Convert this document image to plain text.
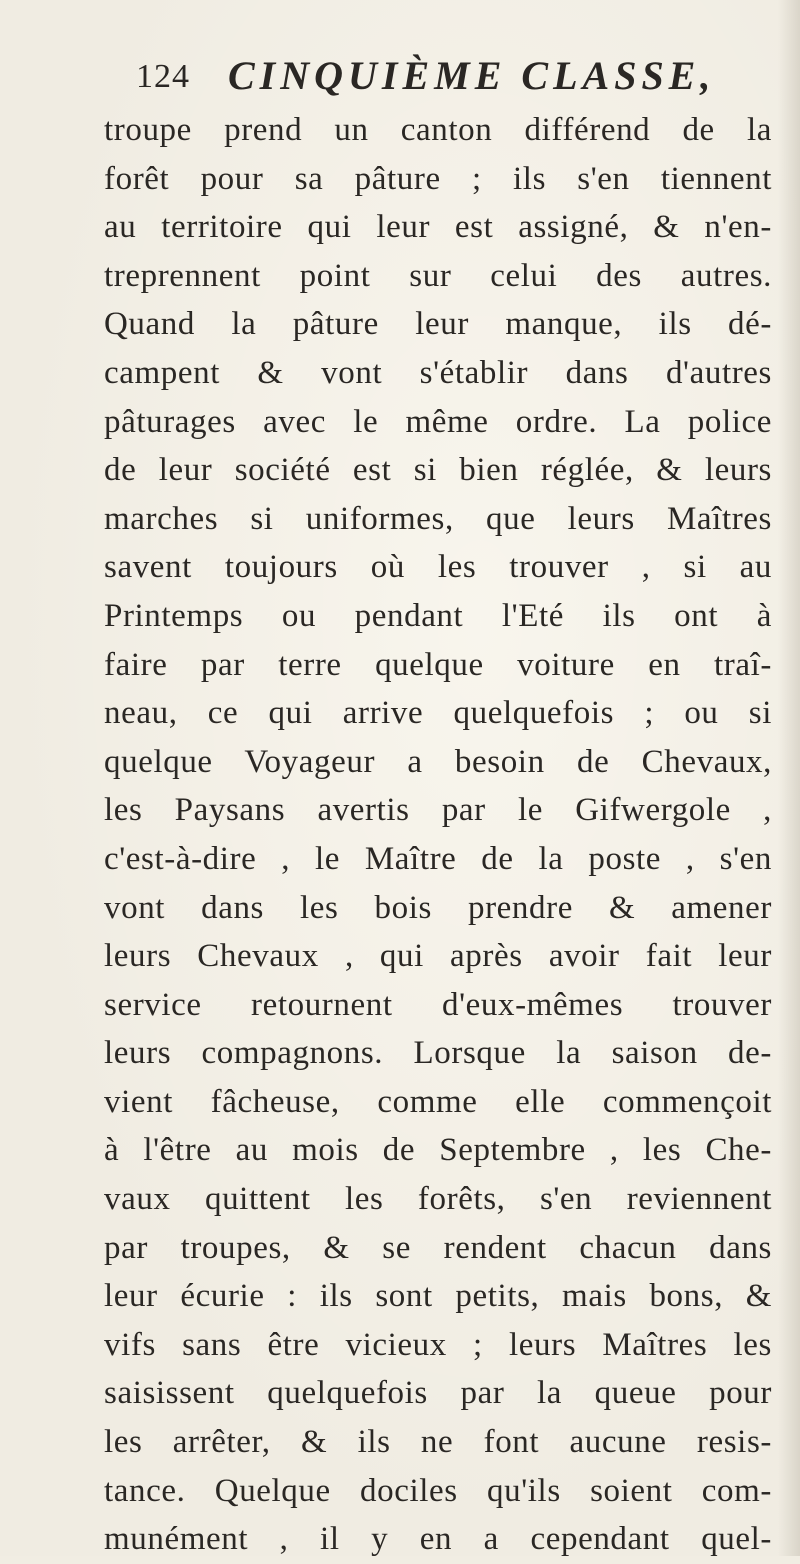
124 CINQUIÈME CLASSE,
troupe prend un canton différend de la
forêt pour sa pâture ; ils s'en tiennent
au territoire qui leur est assigné, & n'en-
treprennent point sur celui des autres.
Quand la pâture leur manque, ils dé-
campent & vont s'établir dans d'autres
pâturages avec le même ordre. La police
de leur société est si bien réglée, & leurs
marches si uniformes, que leurs Maîtres
savent toujours où les trouver , si au
Printemps ou pendant l'Eté ils ont à
faire par terre quelque voiture en traî-
neau, ce qui arrive quelquefois ; ou si
quelque Voyageur a besoin de Chevaux,
les Paysans avertis par le Gifwergole ,
c'est-à-dire , le Maître de la poste , s'en
vont dans les bois prendre & amener
leurs Chevaux , qui après avoir fait leur
service retournent d'eux-mêmes trouver
leurs compagnons. Lorsque la saison de-
vient fâcheuse, comme elle commençoit
à l'être au mois de Septembre , les Che-
vaux quittent les forêts, s'en reviennent
par troupes, & se rendent chacun dans
leur écurie : ils sont petits, mais bons, &
vifs sans être vicieux ; leurs Maîtres les
saisissent quelquefois par la queue pour
les arrêter, & ils ne font aucune resis-
tance. Quelque dociles qu'ils soient com-
munément , il y en a cependant quel-
